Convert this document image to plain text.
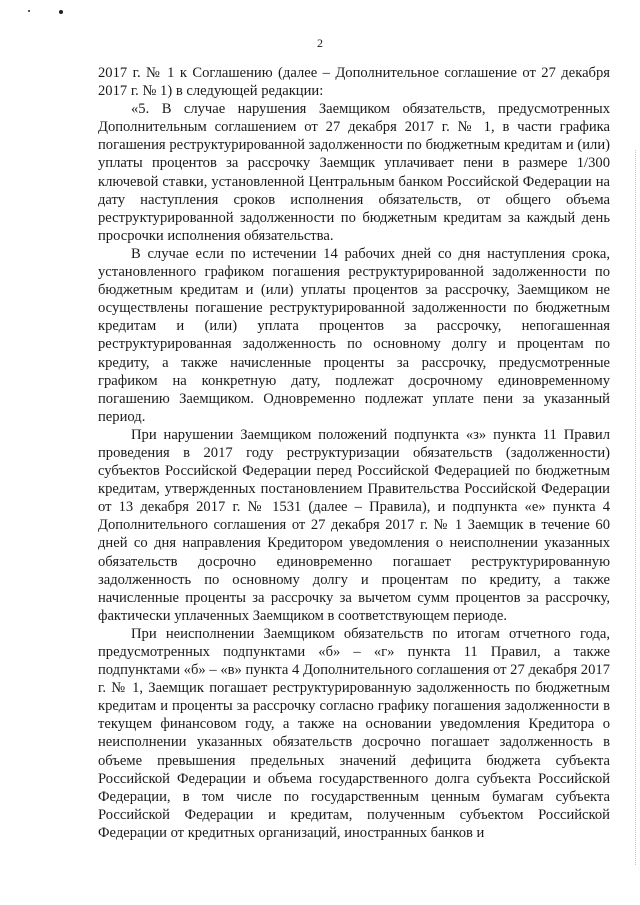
2

2017 г. № 1 к Соглашению (далее – Дополнительное соглашение от 27 декабря 2017 г. № 1) в следующей редакции:

«5. В случае нарушения Заемщиком обязательств, предусмотренных Дополнительным соглашением от 27 декабря 2017 г. № 1, в части графика погашения реструктурированной задолженности по бюджетным кредитам и (или) уплаты процентов за рассрочку Заемщик уплачивает пени в размере 1/300 ключевой ставки, установленной Центральным банком Российской Федерации на дату наступления сроков исполнения обязательств, от общего объема реструктурированной задолженности по бюджетным кредитам за каждый день просрочки исполнения обязательства.

В случае если по истечении 14 рабочих дней со дня наступления срока, установленного графиком погашения реструктурированной задолженности по бюджетным кредитам и (или) уплаты процентов за рассрочку, Заемщиком не осуществлены погашение реструктурированной задолженности по бюджетным кредитам и (или) уплата процентов за рассрочку, непогашенная реструктурированная задолженность по основному долгу и процентам по кредиту, а также начисленные проценты за рассрочку, предусмотренные графиком на конкретную дату, подлежат досрочному единовременному погашению Заемщиком. Одновременно подлежат уплате пени за указанный период.

При нарушении Заемщиком положений подпункта «з» пункта 11 Правил проведения в 2017 году реструктуризации обязательств (задолженности) субъектов Российской Федерации перед Российской Федерацией по бюджетным кредитам, утвержденных постановлением Правительства Российской Федерации от 13 декабря 2017 г. № 1531 (далее – Правила), и подпункта «е» пункта 4 Дополнительного соглашения от 27 декабря 2017 г. № 1 Заемщик в течение 60 дней со дня направления Кредитором уведомления о неисполнении указанных обязательств досрочно единовременно погашает реструктурированную задолженность по основному долгу и процентам по кредиту, а также начисленные проценты за рассрочку за вычетом сумм процентов за рассрочку, фактически уплаченных Заемщиком в соответствующем периоде.

При неисполнении Заемщиком обязательств по итогам отчетного года, предусмотренных подпунктами «б» – «г» пункта 11 Правил, а также подпунктами «б» – «в» пункта 4 Дополнительного соглашения от 27 декабря 2017 г. № 1, Заемщик погашает реструктурированную задолженность по бюджетным кредитам и проценты за рассрочку согласно графику погашения задолженности в текущем финансовом году, а также на основании уведомления Кредитора о неисполнении указанных обязательств досрочно погашает задолженность в объеме превышения предельных значений дефицита бюджета субъекта Российской Федерации и объема государственного долга субъекта Российской Федерации, в том числе по государственным ценным бумагам субъекта Российской Федерации и кредитам, полученным субъектом Российской Федерации от кредитных организаций, иностранных банков и
